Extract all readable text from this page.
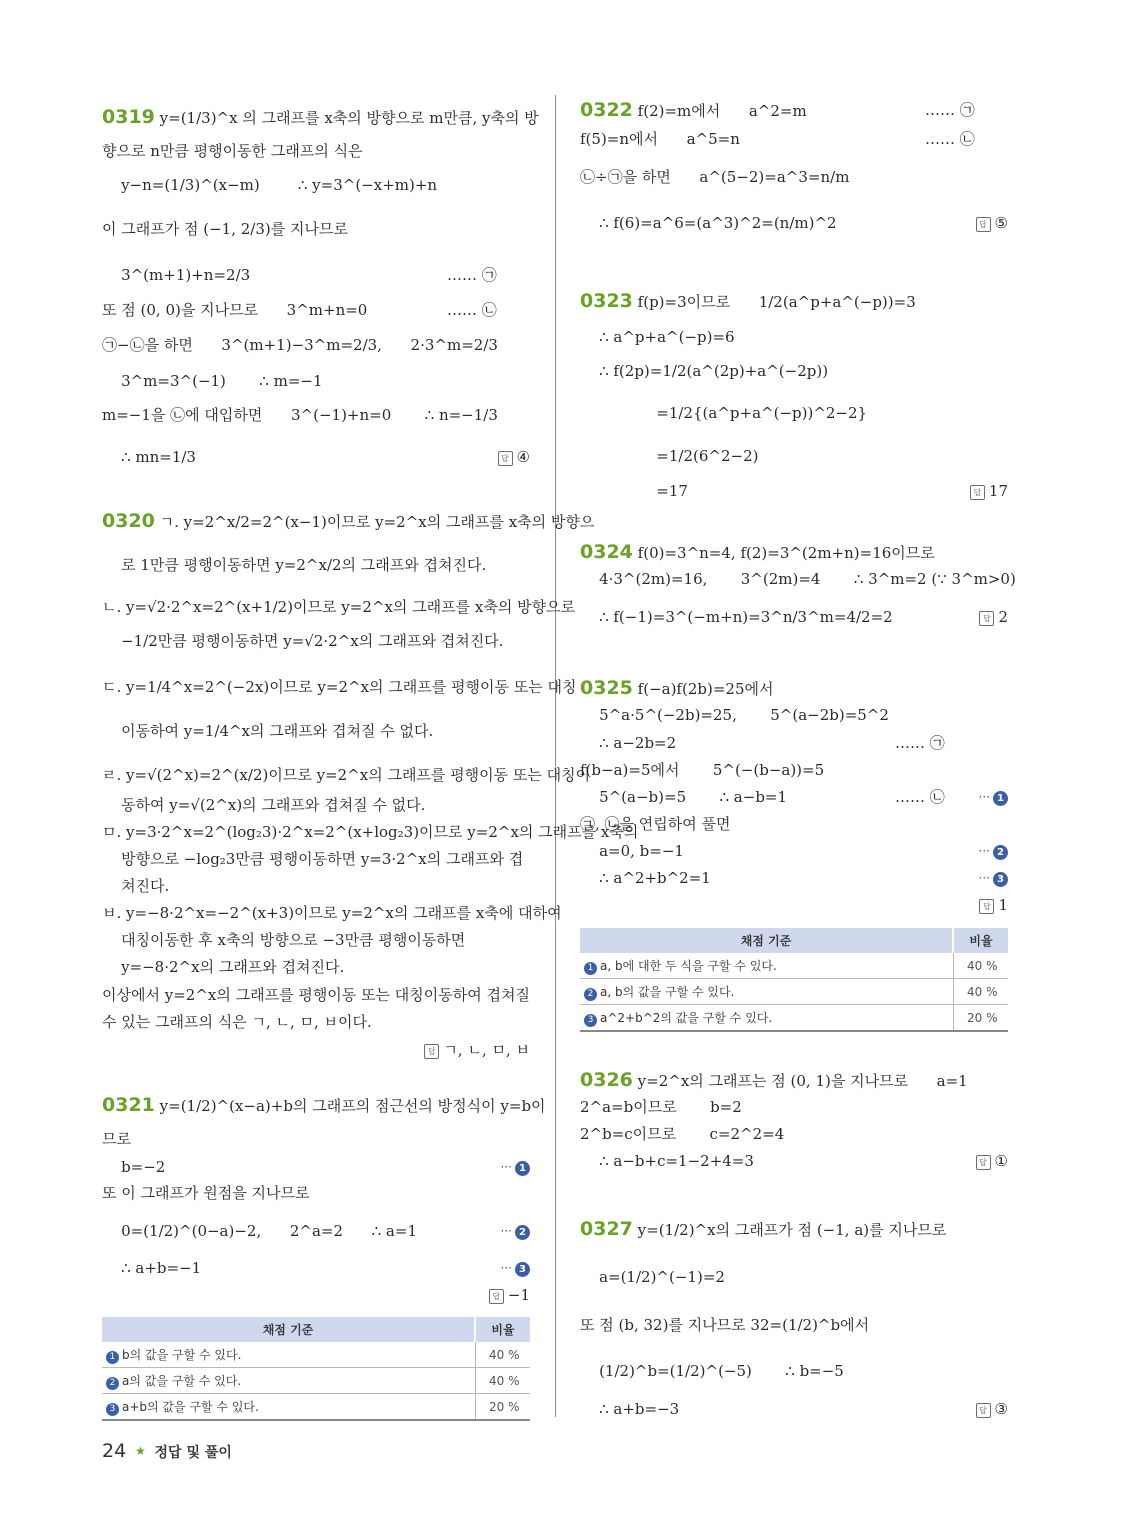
0319 y=(1/3)^x 의 그래프를 x축의 방향으로 m만큼, y축의 방
향으로 n만큼 평행이동한 그래프의 식은
y−n=(1/3)^(x−m)        ∴ y=3^(−x+m)+n
이 그래프가 점 (−1, 2/3)를 지나므로
3^(m+1)+n=2/3	…… ㉠
또 점 (0, 0)을 지나므로      3^m+n=0	…… ㉡
㉠−㉡을 하면      3^(m+1)−3^m=2/3,      2·3^m=2/3
3^m=3^(−1)       ∴ m=−1
m=−1을 ㉡에 대입하면      3^(−1)+n=0       ∴ n=−1/3
∴ mn=1/3	답 ④
0320 ㄱ. y=2^x/2=2^(x−1)이므로 y=2^x의 그래프를 x축의 방향으
로 1만큼 평행이동하면 y=2^x/2의 그래프와 겹쳐진다.
ㄴ. y=√2·2^x=2^(x+1/2)이므로 y=2^x의 그래프를 x축의 방향으로
−1/2만큼 평행이동하면 y=√2·2^x의 그래프와 겹쳐진다.
ㄷ. y=1/4^x=2^(−2x)이므로 y=2^x의 그래프를 평행이동 또는 대칭
이동하여 y=1/4^x의 그래프와 겹쳐질 수 없다.
ㄹ. y=√(2^x)=2^(x/2)이므로 y=2^x의 그래프를 평행이동 또는 대칭이
동하여 y=√(2^x)의 그래프와 겹쳐질 수 없다.
ㅁ. y=3·2^x=2^(log₂3)·2^x=2^(x+log₂3)이므로 y=2^x의 그래프를 x축의
방향으로 −log₂3만큼 평행이동하면 y=3·2^x의 그래프와 겹
쳐진다.
ㅂ. y=−8·2^x=−2^(x+3)이므로 y=2^x의 그래프를 x축에 대하여
대칭이동한 후 x축의 방향으로 −3만큼 평행이동하면
y=−8·2^x의 그래프와 겹쳐진다.
이상에서 y=2^x의 그래프를 평행이동 또는 대칭이동하여 겹쳐질
수 있는 그래프의 식은 ㄱ, ㄴ, ㅁ, ㅂ이다.
답 ㄱ, ㄴ, ㅁ, ㅂ
0321 y=(1/2)^(x−a)+b의 그래프의 점근선의 방정식이 y=b이
므로
b=−2	··· 1
또 이 그래프가 원점을 지나므로
0=(1/2)^(0−a)−2,      2^a=2      ∴ a=1	··· 2
∴ a+b=−1	··· 3
답 −1
채점 기준	비율
1 b의 값을 구할 수 있다.	40 %
2 a의 값을 구할 수 있다.	40 %
3 a+b의 값을 구할 수 있다.	20 %
0322 f(2)=m에서      a^2=m	…… ㉠
f(5)=n에서      a^5=n	…… ㉡
㉡÷㉠을 하면      a^(5−2)=a^3=n/m
∴ f(6)=a^6=(a^3)^2=(n/m)^2	답 ⑤
0323 f(p)=3이므로      1/2(a^p+a^(−p))=3
∴ a^p+a^(−p)=6
∴ f(2p)=1/2(a^(2p)+a^(−2p))
=1/2{(a^p+a^(−p))^2−2}
=1/2(6^2−2)
=17	답 17
0324 f(0)=3^n=4, f(2)=3^(2m+n)=16이므로
4·3^(2m)=16,       3^(2m)=4       ∴ 3^m=2 (∵ 3^m>0)
∴ f(−1)=3^(−m+n)=3^n/3^m=4/2=2	답 2
0325 f(−a)f(2b)=25에서
5^a·5^(−2b)=25,       5^(a−2b)=5^2
∴ a−2b=2	…… ㉠
f(b−a)=5에서       5^(−(b−a))=5
5^(a−b)=5       ∴ a−b=1	…… ㉡	··· 1
㉠, ㉡을 연립하여 풀면
a=0, b=−1	··· 2
∴ a^2+b^2=1	··· 3
답 1
0326 y=2^x의 그래프는 점 (0, 1)을 지나므로      a=1
2^a=b이므로       b=2
2^b=c이므로       c=2^2=4
∴ a−b+c=1−2+4=3	답 ①
0327 y=(1/2)^x의 그래프가 점 (−1, a)를 지나므로
a=(1/2)^(−1)=2
또 점 (b, 32)를 지나므로 32=(1/2)^b에서
(1/2)^b=(1/2)^(−5)       ∴ b=−5
∴ a+b=−3	답 ③
채점 기준	비율
1 a, b에 대한 두 식을 구할 수 있다.	40 %
2 a, b의 값을 구할 수 있다.	40 %
3 a^2+b^2의 값을 구할 수 있다.	20 %
24 ★ 정답 및 풀이
